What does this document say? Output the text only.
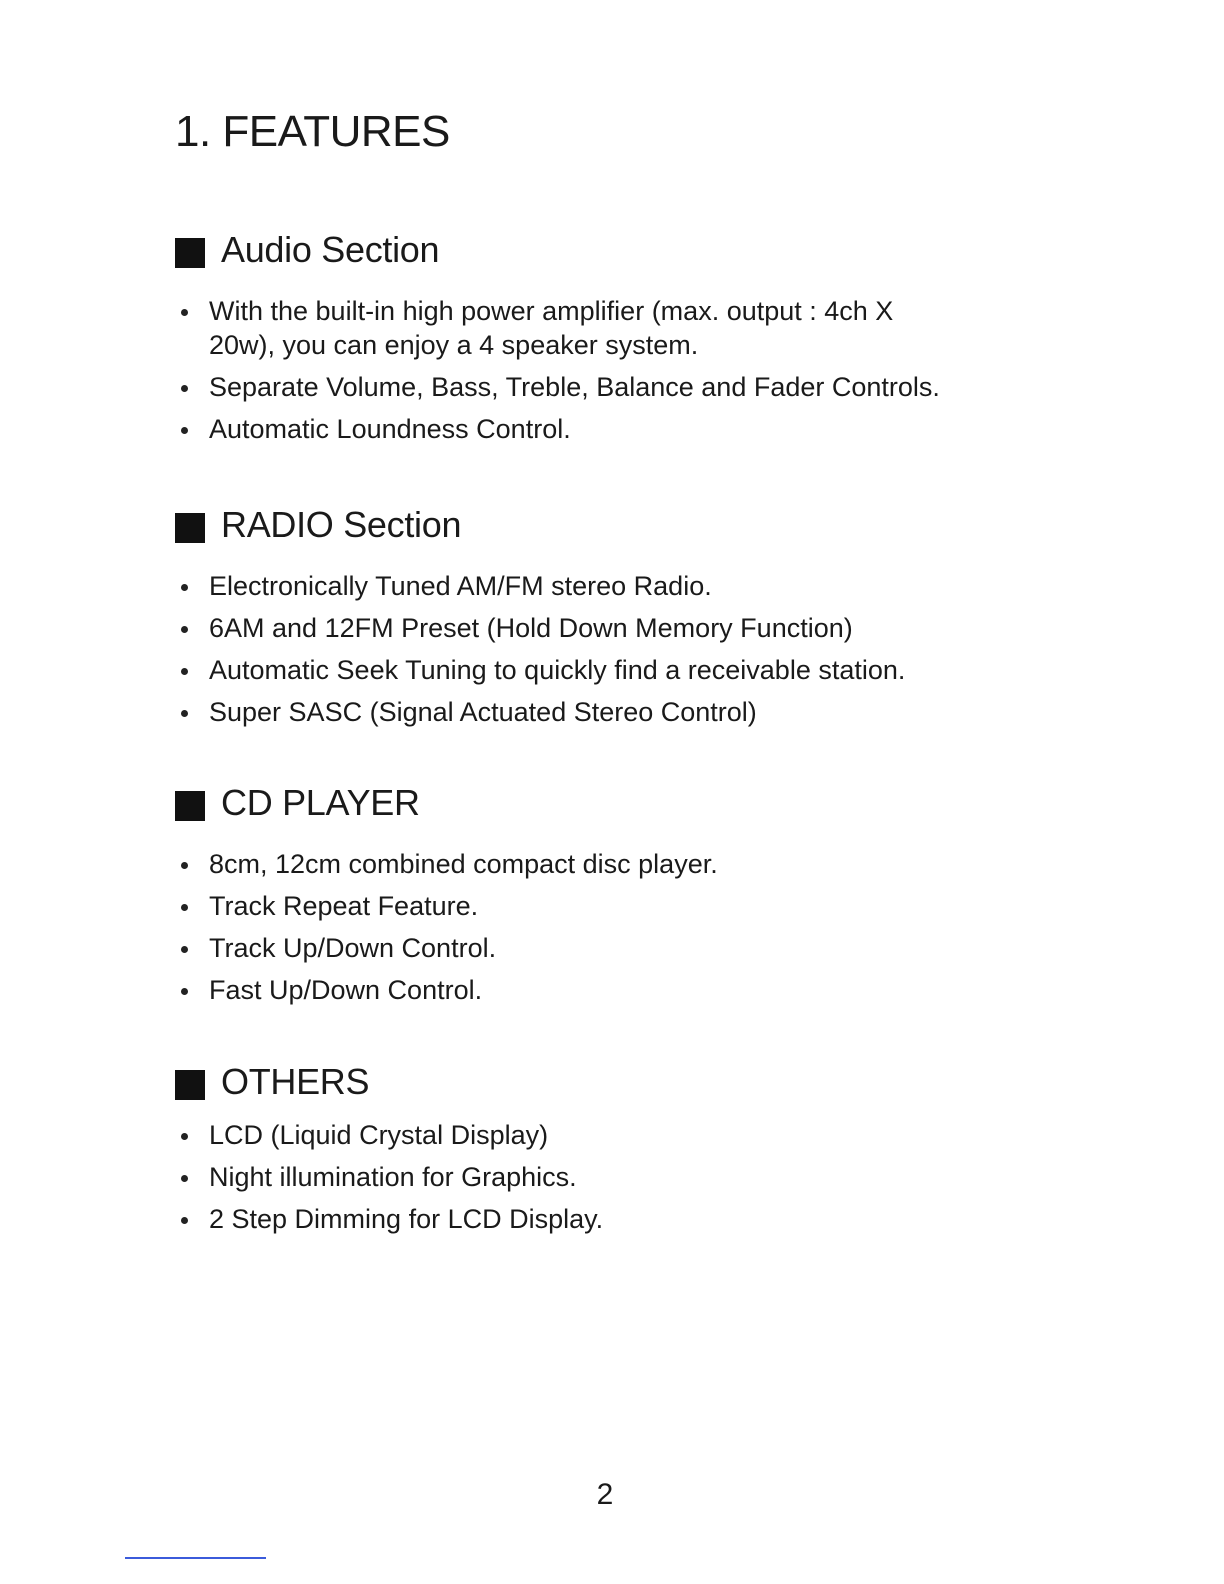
1. FEATURES
Audio Section
With the built-in high power amplifier (max. output : 4ch X 20w), you can enjoy a 4 speaker system.
Separate Volume, Bass, Treble, Balance and Fader Controls.
Automatic Loundness Control.
RADIO Section
Electronically Tuned AM/FM stereo Radio.
6AM and 12FM Preset (Hold Down Memory Function)
Automatic Seek Tuning to quickly find a receivable station.
Super SASC (Signal Actuated Stereo Control)
CD PLAYER
8cm, 12cm combined compact disc player.
Track Repeat Feature.
Track Up/Down Control.
Fast Up/Down Control.
OTHERS
LCD (Liquid Crystal Display)
Night illumination for Graphics.
2 Step Dimming for LCD Display.
2
